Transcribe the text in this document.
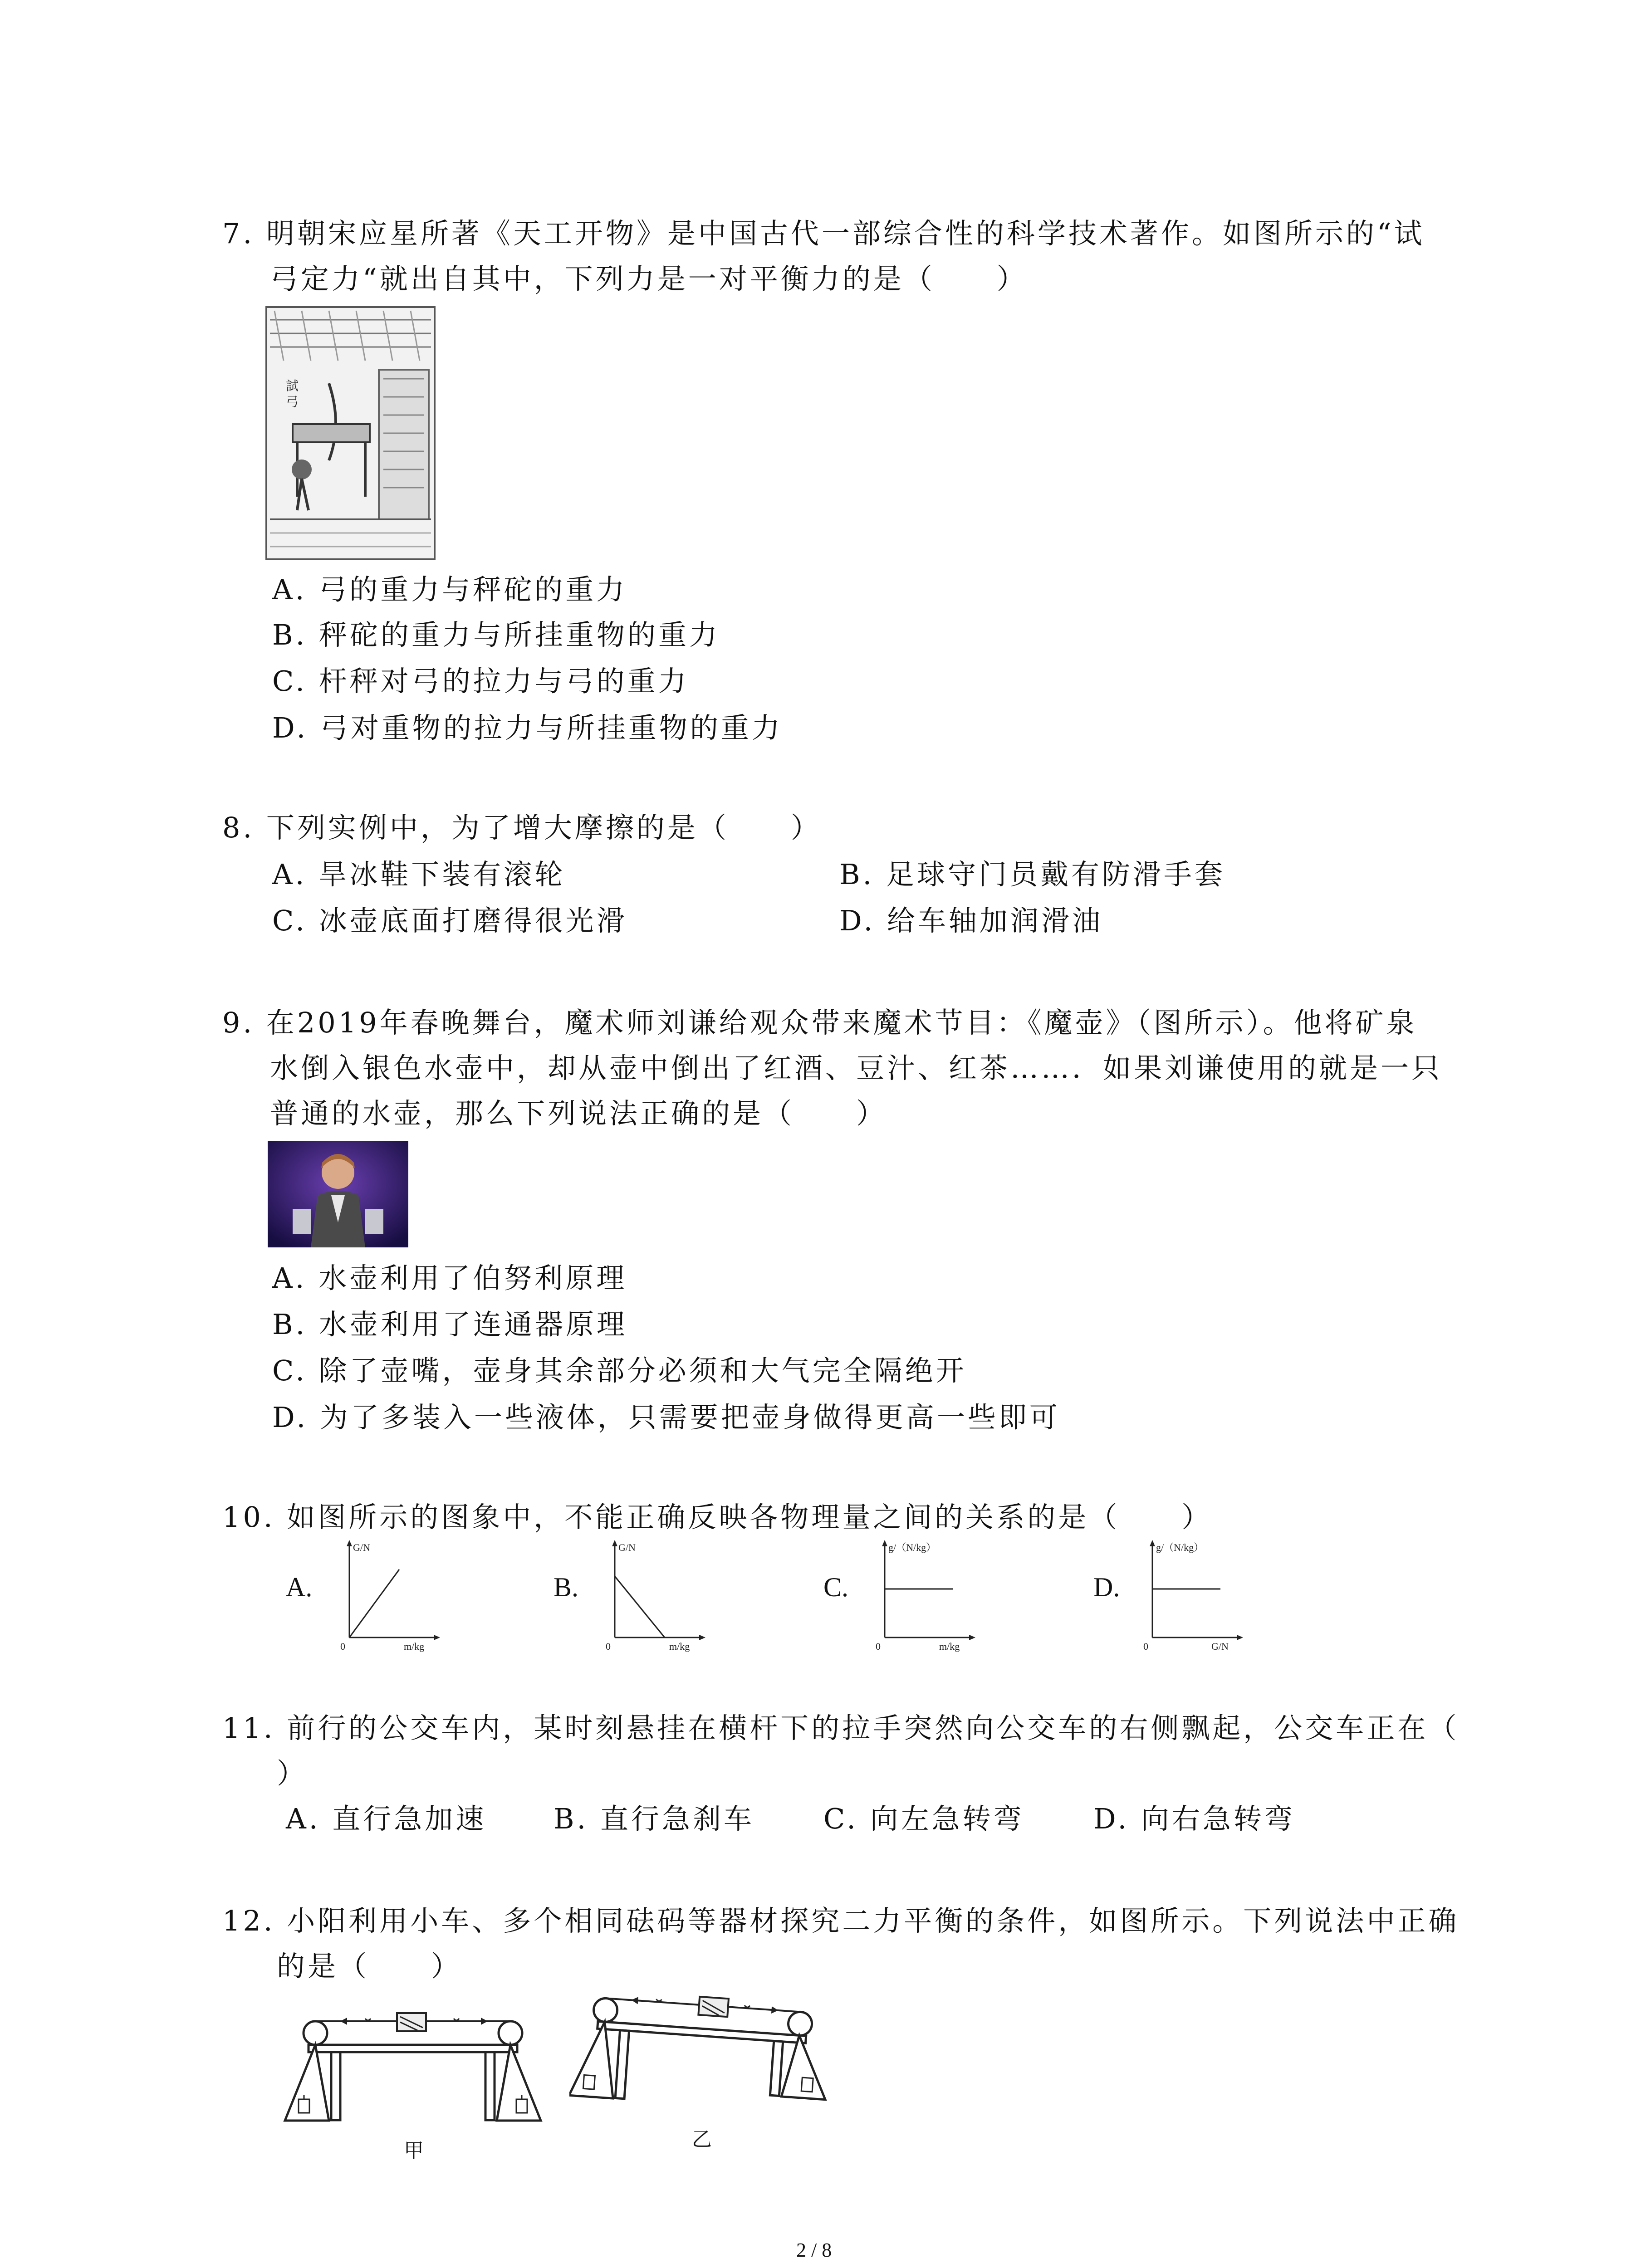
7. 明朝宋应星所著《天工开物》是中国古代一部综合性的科学技术著作。如图所示的“试
弓定力“就出自其中，下列力是一对平衡力的是（　　）
試
弓
A. 弓的重力与秤砣的重力
B. 秤砣的重力与所挂重物的重力
C. 杆秤对弓的拉力与弓的重力
D. 弓对重物的拉力与所挂重物的重力
8. 下列实例中，为了增大摩擦的是（　　）
A. 旱冰鞋下装有滚轮	B. 足球守门员戴有防滑手套
C. 冰壶底面打磨得很光滑	D. 给车轴加润滑油
9. 在2019年春晚舞台，魔术师刘谦给观众带来魔术节目：《魔壶》（图所示）。他将矿泉
水倒入银色水壶中，却从壶中倒出了红酒、豆汁、红茶……．如果刘谦使用的就是一只
普通的水壶，那么下列说法正确的是（　　）
A. 水壶利用了伯努利原理
B. 水壶利用了连通器原理
C. 除了壶嘴，壶身其余部分必须和大气完全隔绝开
D. 为了多装入一些液体，只需要把壶身做得更高一些即可
10. 如图所示的图象中，不能正确反映各物理量之间的关系的是（　　）
A.	B.	C.	D.
G/N
m/kg
0
G/N
m/kg
0
g/（N/kg）
m/kg
0
g/（N/kg）
G/N
0
11. 前行的公交车内，某时刻悬挂在横杆下的拉手突然向公交车的右侧飘起，公交车正在（
）
A. 直行急加速 B. 直行急刹车 C. 向左急转弯 D. 向右急转弯
12. 小阳利用小车、多个相同砝码等器材探究二力平衡的条件，如图所示。下列说法中正确
的是（　　）
甲	乙
2 / 8
